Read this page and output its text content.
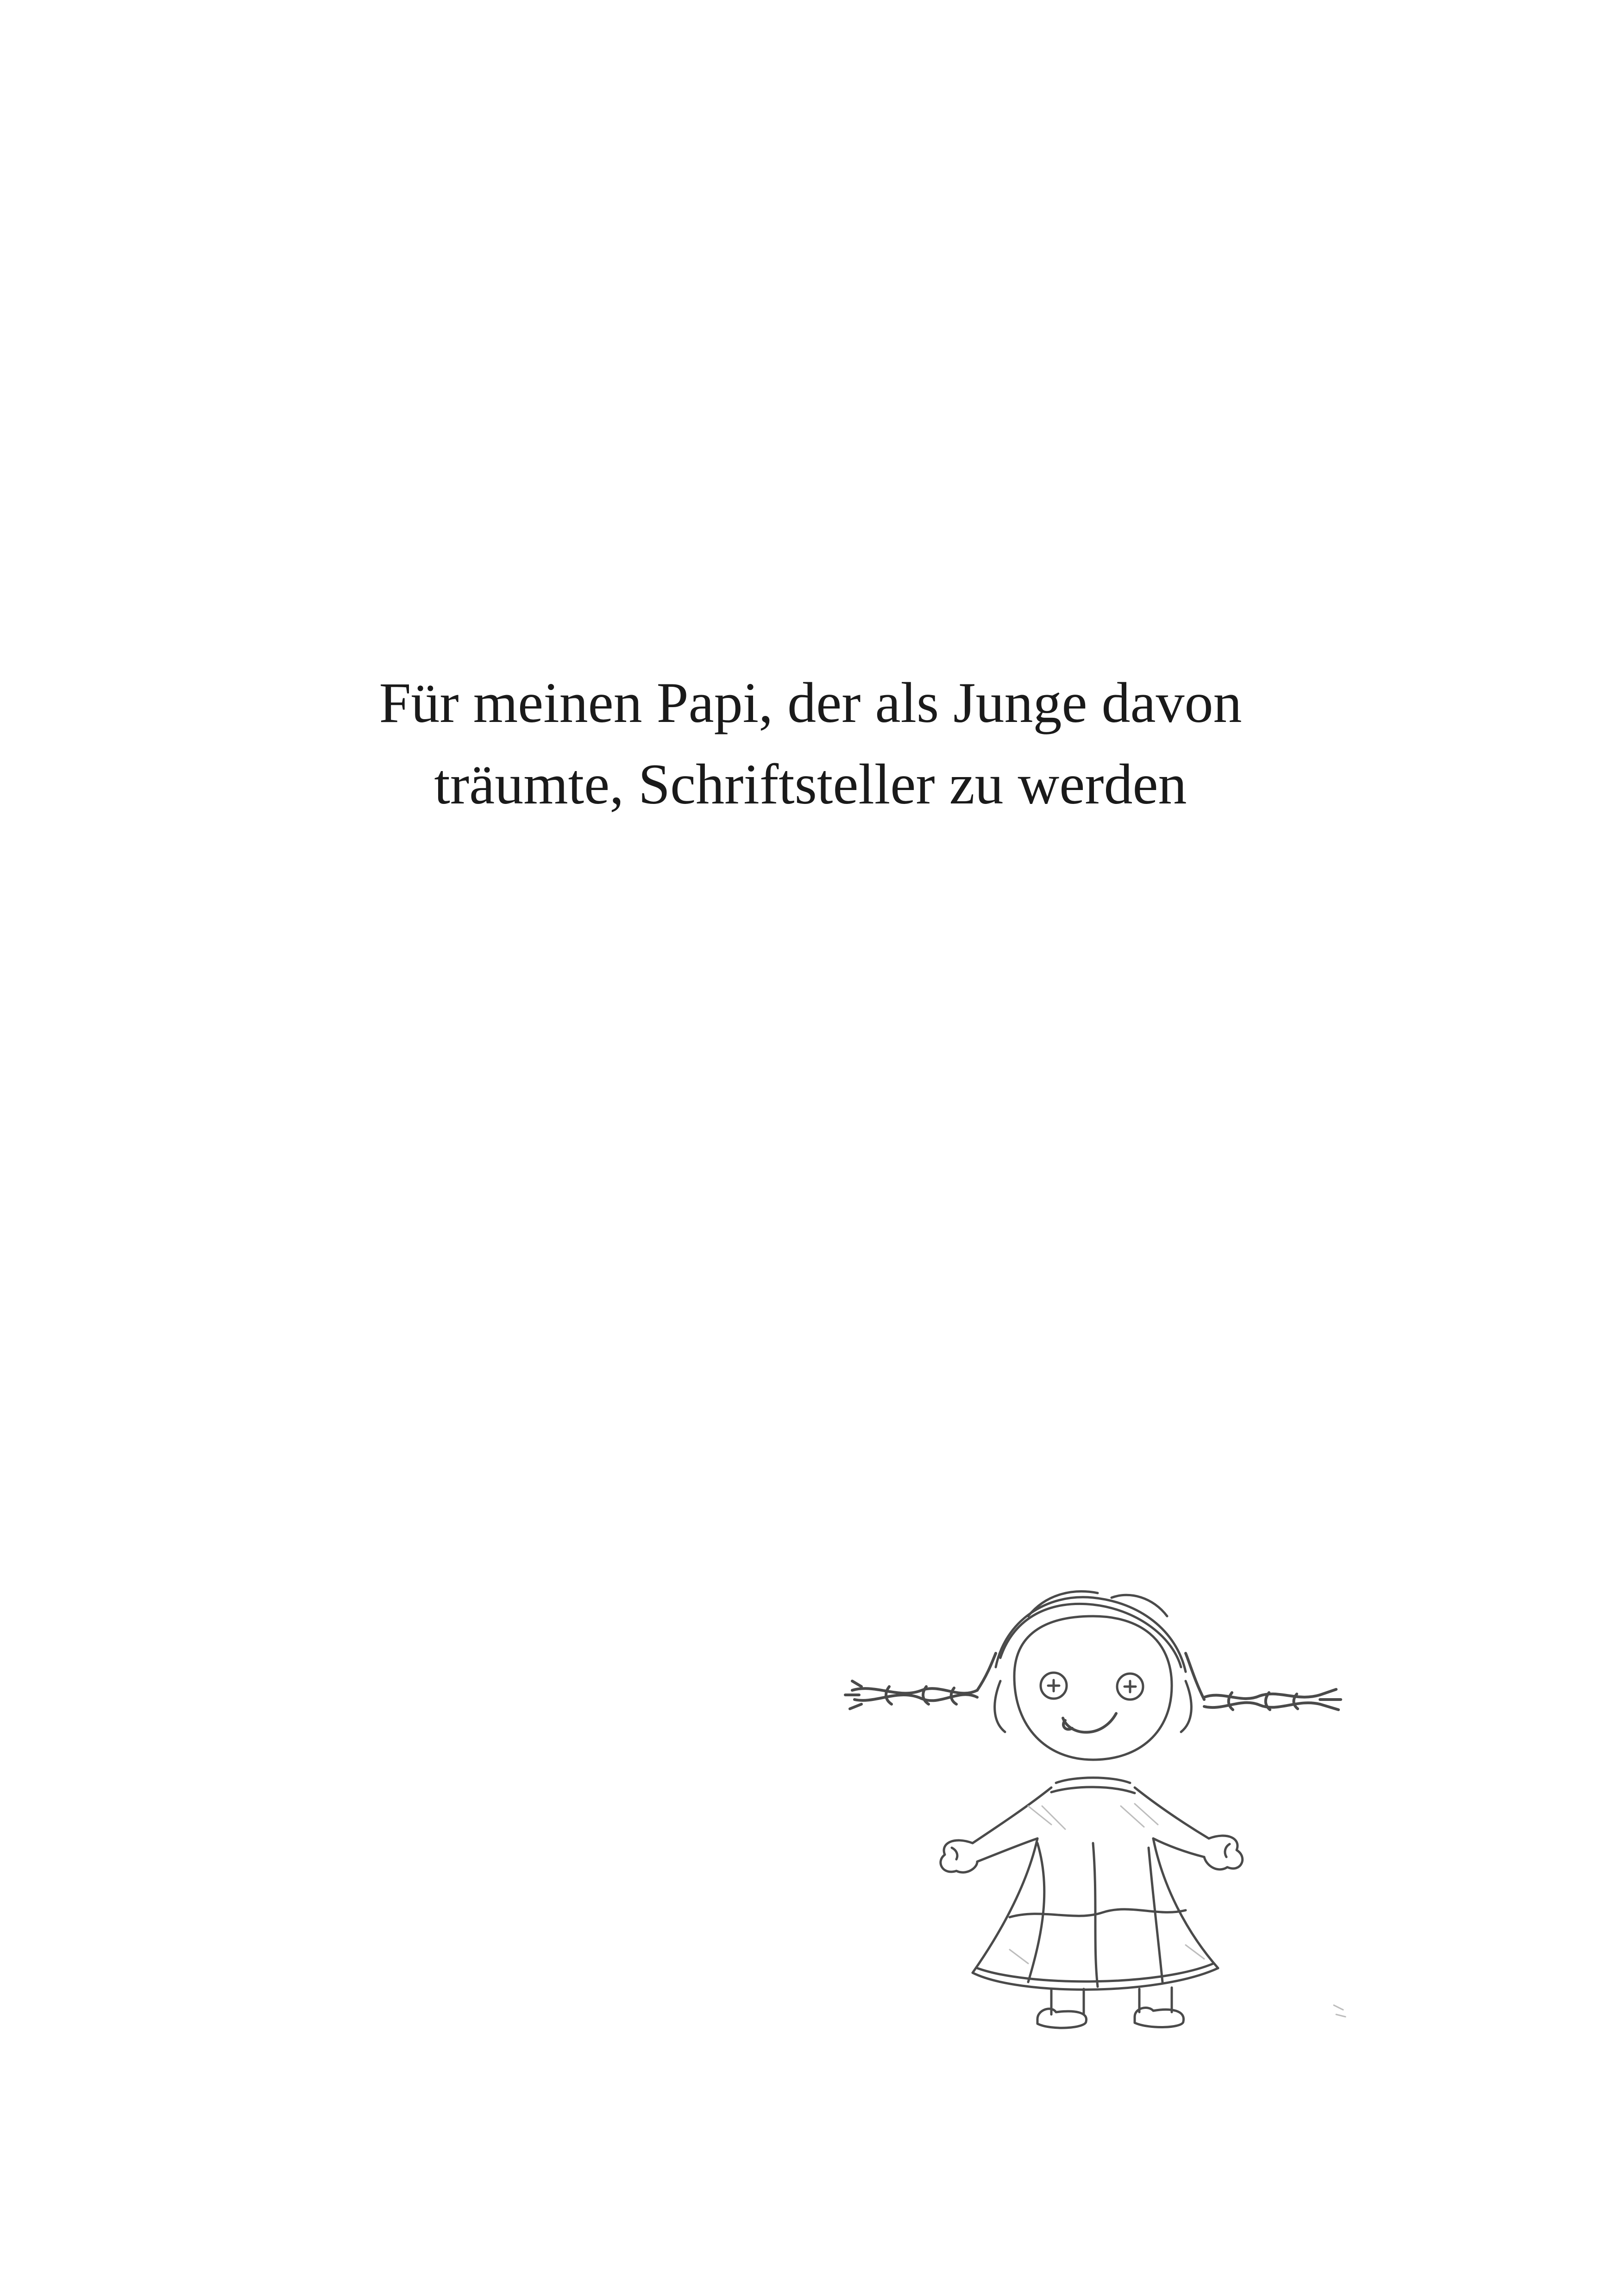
Für meinen Papi, der als Junge davon
träumte, Schriftsteller zu werden
